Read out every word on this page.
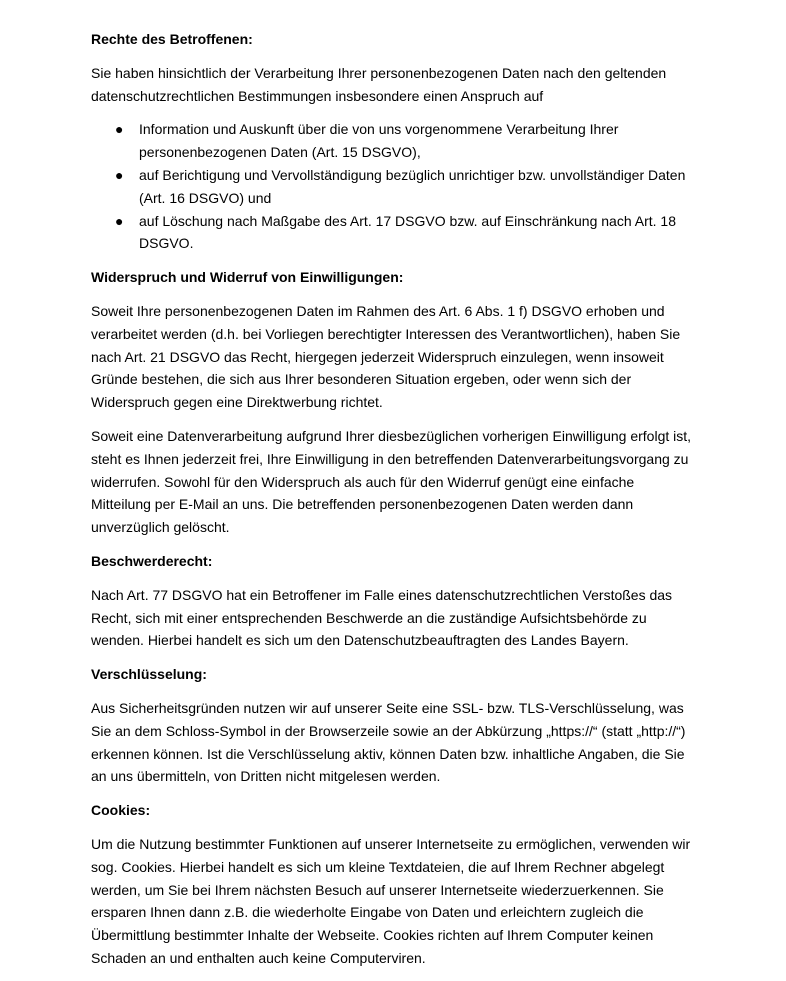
Rechte des Betroffenen:

Sie haben hinsichtlich der Verarbeitung Ihrer personenbezogenen Daten nach den geltenden datenschutzrechtlichen Bestimmungen insbesondere einen Anspruch auf

● Information und Auskunft über die von uns vorgenommene Verarbeitung Ihrer personenbezogenen Daten (Art. 15 DSGVO),
● auf Berichtigung und Vervollständigung bezüglich unrichtiger bzw. unvollständiger Daten (Art. 16 DSGVO) und
● auf Löschung nach Maßgabe des Art. 17 DSGVO bzw. auf Einschränkung nach Art. 18 DSGVO.
Widerspruch und Widerruf von Einwilligungen:

Soweit Ihre personenbezogenen Daten im Rahmen des Art. 6 Abs. 1 f) DSGVO erhoben und verarbeitet werden (d.h. bei Vorliegen berechtigter Interessen des Verantwortlichen), haben Sie nach Art. 21 DSGVO das Recht, hiergegen jederzeit Widerspruch einzulegen, wenn insoweit Gründe bestehen, die sich aus Ihrer besonderen Situation ergeben, oder wenn sich der Widerspruch gegen eine Direktwerbung richtet.

Soweit eine Datenverarbeitung aufgrund Ihrer diesbezüglichen vorherigen Einwilligung erfolgt ist, steht es Ihnen jederzeit frei, Ihre Einwilligung in den betreffenden Datenverarbeitungsvorgang zu widerrufen. Sowohl für den Widerspruch als auch für den Widerruf genügt eine einfache Mitteilung per E-Mail an uns. Die betreffenden personenbezogenen Daten werden dann unverzüglich gelöscht.

Beschwerderecht:

Nach Art. 77 DSGVO hat ein Betroffener im Falle eines datenschutzrechtlichen Verstoßes das Recht, sich mit einer entsprechenden Beschwerde an die zuständige Aufsichtsbehörde zu wenden. Hierbei handelt es sich um den Datenschutzbeauftragten des Landes Bayern.

Verschlüsselung:

Aus Sicherheitsgründen nutzen wir auf unserer Seite eine SSL- bzw. TLS-Verschlüsselung, was Sie an dem Schloss-Symbol in der Browserzeile sowie an der Abkürzung „https://“ (statt „http://“) erkennen können. Ist die Verschlüsselung aktiv, können Daten bzw. inhaltliche Angaben, die Sie an uns übermitteln, von Dritten nicht mitgelesen werden.

Cookies:

Um die Nutzung bestimmter Funktionen auf unserer Internetseite zu ermöglichen, verwenden wir sog. Cookies. Hierbei handelt es sich um kleine Textdateien, die auf Ihrem Rechner abgelegt werden, um Sie bei Ihrem nächsten Besuch auf unserer Internetseite wiederzuerkennen. Sie ersparen Ihnen dann z.B. die wiederholte Eingabe von Daten und erleichtern zugleich die Übermittlung bestimmter Inhalte der Webseite. Cookies richten auf Ihrem Computer keinen Schaden an und enthalten auch keine Computerviren.
